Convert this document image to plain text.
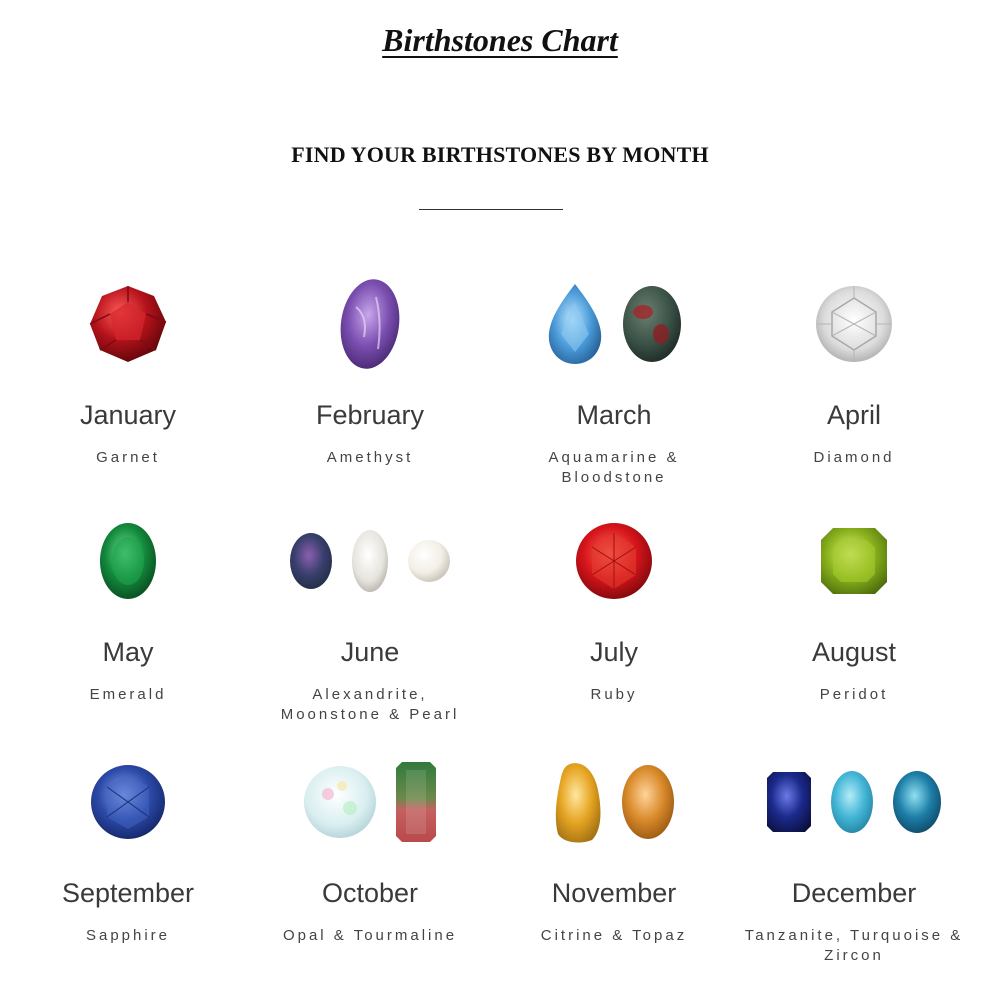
Birthstones Chart
FIND YOUR BIRTHSTONES BY MONTH
January
Garnet
February
Amethyst
March
Aquamarine & Bloodstone
April
Diamond
May
Emerald
June
Alexandrite, Moonstone & Pearl
July
Ruby
August
Peridot
September
Sapphire
October
Opal & Tourmaline
November
Citrine & Topaz
December
Tanzanite, Turquoise & Zircon
